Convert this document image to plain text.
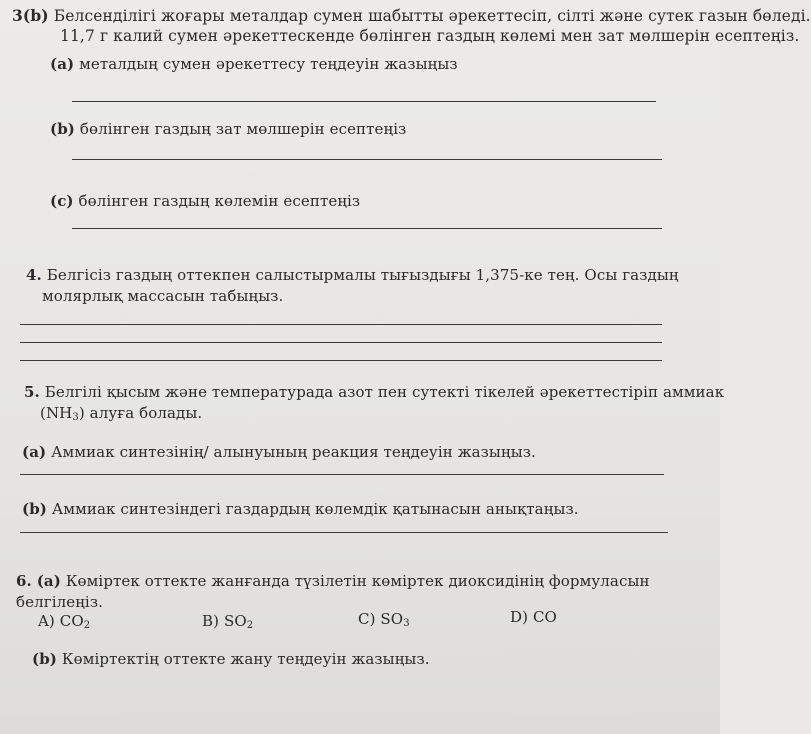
3(b) Белсенділігі жоғары металдар сумен шабытты әрекеттесіп, сілті және сутек газын бөледі.
11,7 г калий сумен әрекеттескенде бөлінген газдың көлемі мен зат мөлшерін есептеңіз.
(a) металдың сумен әрекеттесу теңдеуін жазыңыз
(b) бөлінген газдың зат мөлшерін есептеңіз
(c) бөлінген газдың көлемін есептеңіз
4. Белгісіз газдың оттекпен салыстырмалы тығыздығы 1,375-ке тең. Осы газдың
молярлық массасын табыңыз.
5. Белгілі қысым және температурада азот пен сутекті тікелей әрекеттестіріп аммиак
$(NH_3)$ алуға болады.
(a) Аммиак синтезінің/ алынуының реакция теңдеуін жазыңыз.
(b) Аммиак синтезіндегі газдардың көлемдік қатынасын анықтаңыз.
6. (a) Көміртек оттекте жанғанда түзілетін көміртек диоксидінің формуласын
белгілеңіз.
A) $CO_2$	B) $SO_2$	C) $SO_3$	D) CO
(b) Көміртектің оттекте жану теңдеуін жазыңыз.
